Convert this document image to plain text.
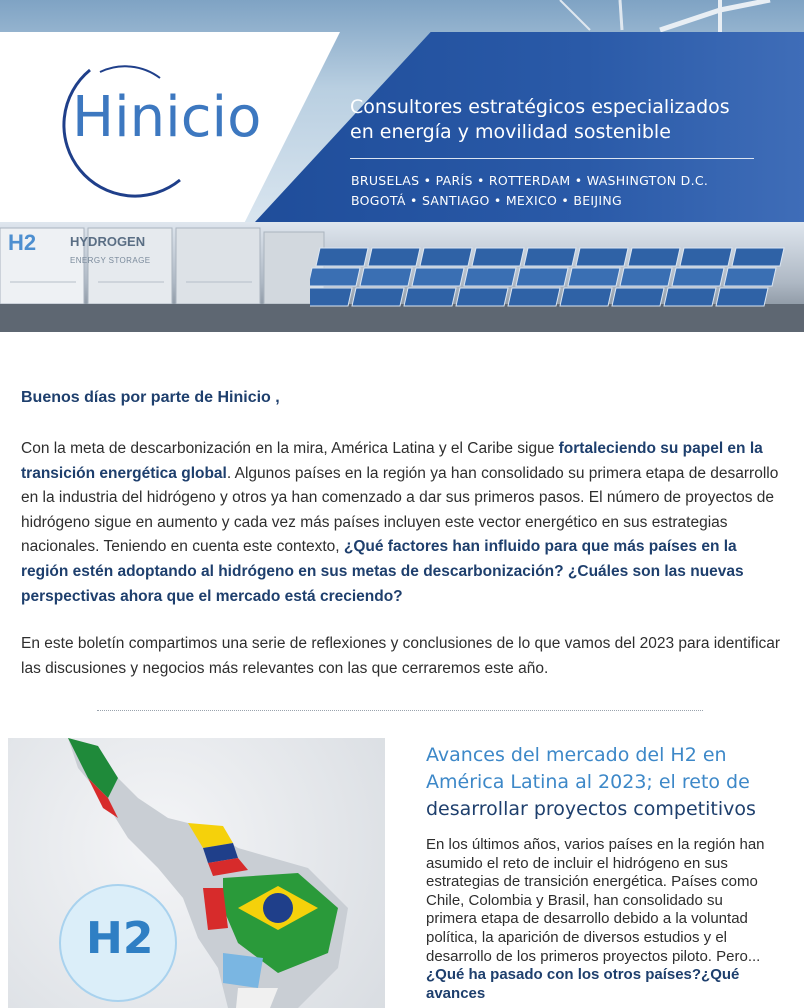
H2	HYDROGEN
ENERGY STORAGE
Hinicio	Consultores estratégicos especializados
en energía y movilidad sostenible
BRUSELAS • PARÍS • ROTTERDAM • WASHINGTON D.C.
BOGOTÁ • SANTIAGO • MEXICO • BEIJING
Buenos días por parte de Hinicio ,
Con la meta de descarbonización en la mira, América Latina y el Caribe sigue fortaleciendo su papel en la transición energética global. Algunos países en la región ya han consolidado su primera etapa de desarrollo en la industria del hidrógeno y otros ya han comenzado a dar sus primeros pasos. El número de proyectos de hidrógeno sigue en aumento y cada vez más países incluyen este vector energético en sus estrategias nacionales. Teniendo en cuenta este contexto, ¿Qué factores han influido para que más países en la región estén adoptando al hidrógeno en sus metas de descarbonización? ¿Cuáles son las nuevas perspectivas ahora que el mercado está creciendo?
En este boletín compartimos una serie de reflexiones y conclusiones de lo que vamos del 2023 para identificar las discusiones y negocios más relevantes con las que cerraremos este año.
H2
Avances del mercado del H2 en América Latina al 2023; el reto de desarrollar proyectos competitivos
En los últimos años, varios países en la región han asumido el reto de incluir el hidrógeno en sus estrategias de transición energética. Países como Chile, Colombia y Brasil, han consolidado su primera etapa de desarrollo debido a la voluntad política, la aparición de diversos estudios y el desarrollo de los primeros proyectos piloto. Pero... ¿Qué ha pasado con los otros países?¿Qué avances
